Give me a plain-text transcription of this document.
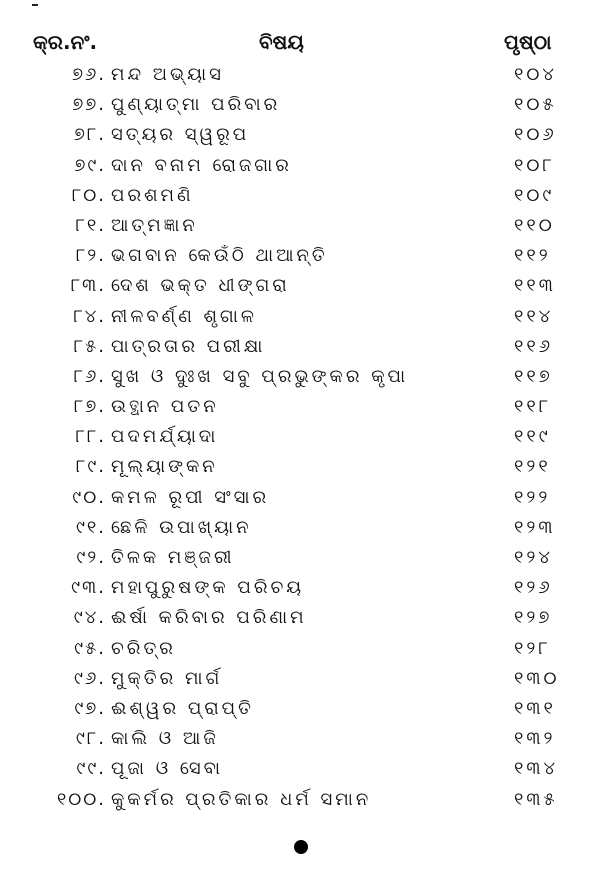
କ୍ର.ନଂ.	ବିଷୟ	ପୃଷ୍ଠା
୭୬. ମନ୍ଦ ଅଭ୍ୟାସ	୧୦୪
୭୭. ପୁଣ୍ୟାତ୍ମା ପରିବାର	୧୦୫
୭୮. ସତ୍ୟର ସ୍ୱରୂପ	୧୦୬
୭୯. ଦାନ ବନାମ ରୋଜଗାର	୧୦୮
୮୦. ପରଶମଣି	୧୦୯
୮୧. ଆତ୍ମଜ୍ଞାନ	୧୧୦
୮୨. ଭଗବାନ କେଉଁଠି ଥାଆନ୍ତି	୧୧୨
୮୩. ଦେଶ ଭକ୍ତ ଧୀଙ୍ଗରା	୧୧୩
୮୪. ନୀଳବର୍ଣ୍ଣ ଶୃଗାଳ	୧୧୪
୮୫. ପାତ୍ରତାର ପରୀକ୍ଷା	୧୧୬
୮୬. ସୁଖ ଓ ଦୁଃଖ ସବୁ ପ୍ରଭୁଙ୍କର କୃପା	୧୧୭
୮୭. ଉତ୍ଥାନ ପତନ	୧୧୮
୮୮. ପଦମର୍ଯ୍ୟାଦା	୧୧୯
୮୯. ମୂଲ୍ୟାଙ୍କନ	୧୨୧
୯୦. କମଳ ରୂପୀ ସଂସାର	୧୨୨
୯୧. ଛେଳି ଉପାଖ୍ୟାନ	୧୨୩
୯୨. ତିଳକ ମଞ୍ଜରୀ	୧୨୪
୯୩. ମହାପୁରୁଷଙ୍କ ପରିଚୟ	୧୨୬
୯୪. ଈର୍ଷା କରିବାର ପରିଣାମ	୧୨୭
୯୫. ଚରିତ୍ର	୧୨୮
୯୬. ମୁକ୍ତିର ମାର୍ଗ	୧୩୦
୯୭. ଈଶ୍ୱର ପ୍ରାପ୍ତି	୧୩୧
୯୮. କାଲି ଓ ଆଜି	୧୩୨
୯୯. ପୂଜା ଓ ସେବା	୧୩୪
୧୦୦. କୁକର୍ମର ପ୍ରତିକାର ଧର୍ମ ସମାନ	୧୩୫
